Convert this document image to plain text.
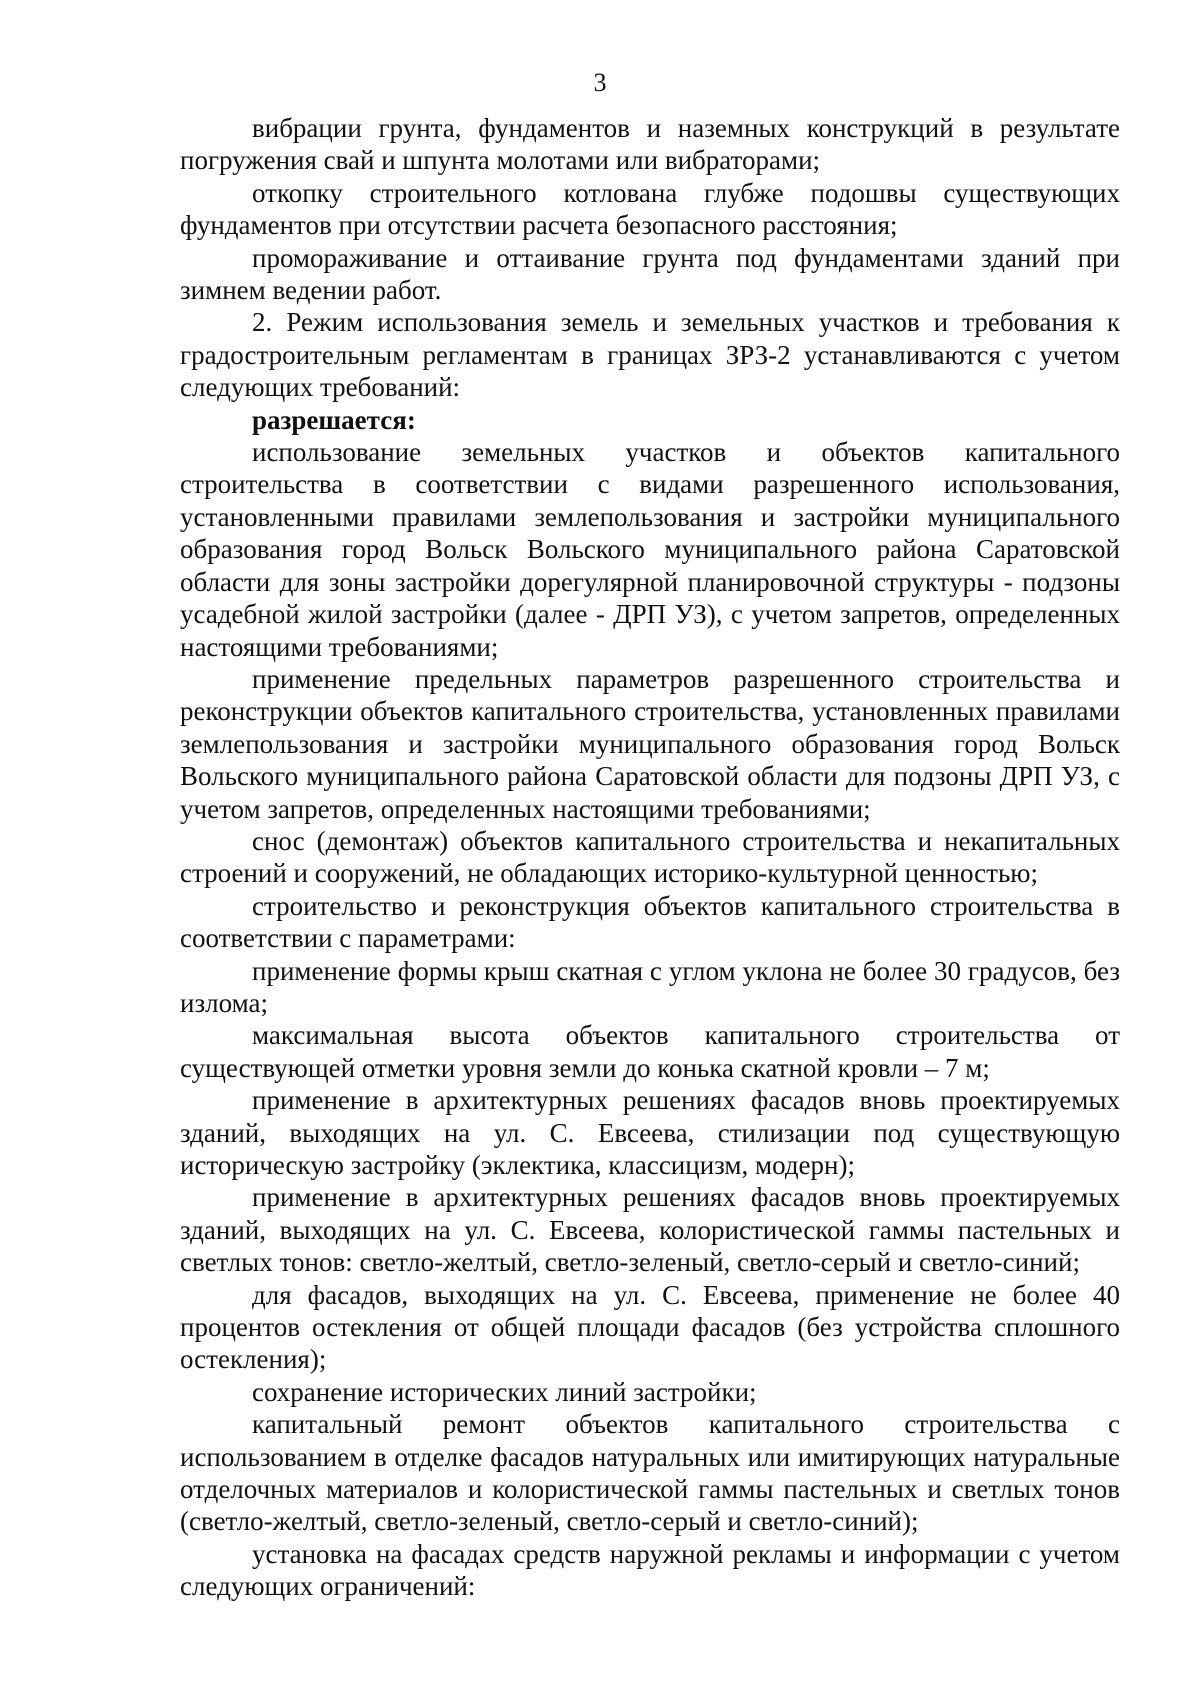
3

вибрации грунта, фундаментов и наземных конструкций в результате погружения свай и шпунта молотами или вибраторами;

откопку строительного котлована глубже подошвы существующих фундаментов при отсутствии расчета безопасного расстояния;

промораживание и оттаивание грунта под фундаментами зданий при зимнем ведении работ.

2. Режим использования земель и земельных участков и требования к градостроительным регламентам в границах ЗРЗ-2 устанавливаются с учетом следующих требований:

разрешается:

использование земельных участков и объектов капитального строительства в соответствии с видами разрешенного использования, установленными правилами землепользования и застройки муниципального образования город Вольск Вольского муниципального района Саратовской области для зоны застройки дорегулярной планировочной структуры - подзоны усадебной жилой застройки (далее - ДРП УЗ), с учетом запретов, определенных настоящими требованиями;

применение предельных параметров разрешенного строительства и реконструкции объектов капитального строительства, установленных правилами землепользования и застройки муниципального образования город Вольск Вольского муниципального района Саратовской области для подзоны ДРП УЗ, с учетом запретов, определенных настоящими требованиями;

снос (демонтаж) объектов капитального строительства и некапитальных строений и сооружений, не обладающих историко-культурной ценностью;

строительство и реконструкция объектов капитального строительства в соответствии с параметрами:

применение формы крыш скатная с углом уклона не более 30 градусов, без излома;

максимальная высота объектов капитального строительства от существующей отметки уровня земли до конька скатной кровли – 7 м;

применение в архитектурных решениях фасадов вновь проектируемых зданий, выходящих на ул. С. Евсеева, стилизации под существующую историческую застройку (эклектика, классицизм, модерн);

применение в архитектурных решениях фасадов вновь проектируемых зданий, выходящих на ул. С. Евсеева, колористической гаммы пастельных и светлых тонов: светло-желтый, светло-зеленый, светло-серый и светло-синий;

для фасадов, выходящих на ул. С. Евсеева, применение не более 40 процентов остекления от общей площади фасадов (без устройства сплошного остекления);

сохранение исторических линий застройки;

капитальный ремонт объектов капитального строительства с использованием в отделке фасадов натуральных или имитирующих натуральные отделочных материалов и колористической гаммы пастельных и светлых тонов (светло-желтый, светло-зеленый, светло-серый и светло-синий);

установка на фасадах средств наружной рекламы и информации с учетом следующих ограничений:
